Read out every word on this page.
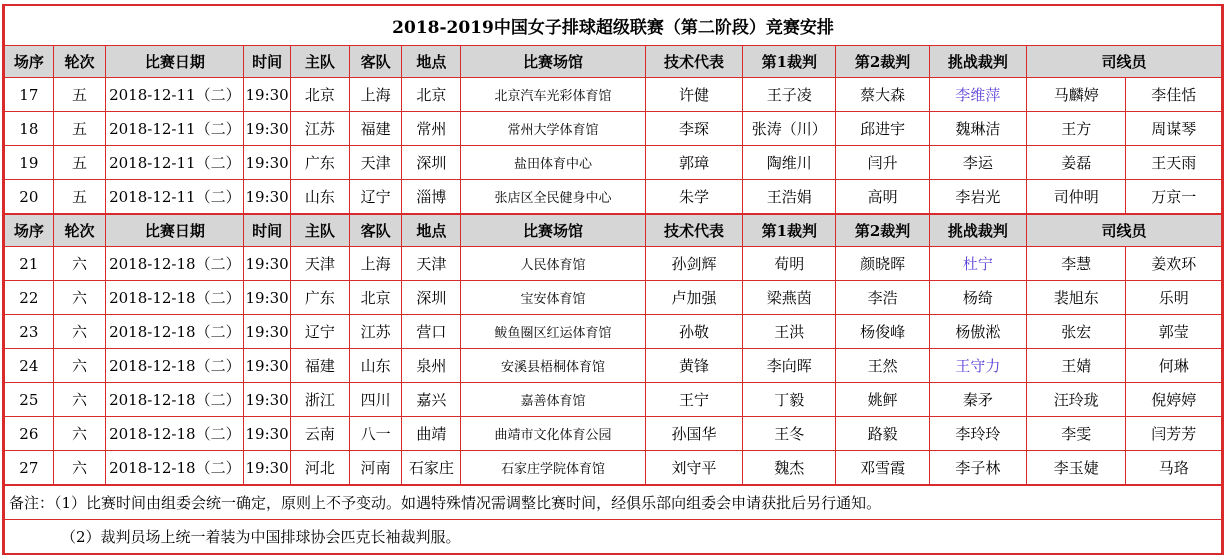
2018-2019中国女子排球超级联赛（第二阶段）竞赛安排													
场序	轮次	比赛日期	时间	主队	客队	地点	比赛场馆	技术代表	第1裁判	第2裁判	挑战裁判	司线员	
17	五	2018-12-11（二）	19:30	北京	上海	北京	北京汽车光彩体育馆	许健	王子凌	蔡大森	李维萍	马麟婷	李佳恬
18	五	2018-12-11（二）	19:30	江苏	福建	常州	常州大学体育馆	李琛	张涛（川）	邱进宇	魏琳洁	王方	周谋琴
19	五	2018-12-11（二）	19:30	广东	天津	深圳	盐田体育中心	郭璋	陶维川	闫升	李运	姜磊	王天雨
20	五	2018-12-11（二）	19:30	山东	辽宁	淄博	张店区全民健身中心	朱学	王浩娟	高明	李岩光	司仲明	万京一
场序	轮次	比赛日期	时间	主队	客队	地点	比赛场馆	技术代表	第1裁判	第2裁判	挑战裁判	司线员	
21	六	2018-12-18（二）	19:30	天津	上海	天津	人民体育馆	孙剑辉	荀明	颜晓晖	杜宁	李慧	姜欢环
22	六	2018-12-18（二）	19:30	广东	北京	深圳	宝安体育馆	卢加强	梁燕茵	李浩	杨绮	裴旭东	乐明
23	六	2018-12-18（二）	19:30	辽宁	江苏	营口	鲅鱼圈区红运体育馆	孙敬	王洪	杨俊峰	杨傲淞	张宏	郭莹
24	六	2018-12-18（二）	19:30	福建	山东	泉州	安溪县梧桐体育馆	黄锋	李向晖	王然	王守力	王婧	何琳
25	六	2018-12-18（二）	19:30	浙江	四川	嘉兴	嘉善体育馆	王宁	丁毅	姚鲆	秦矛	汪玲珑	倪婷婷
26	六	2018-12-18（二）	19:30	云南	八一	曲靖	曲靖市文化体育公园	孙国华	王冬	路毅	李玲玲	李雯	闫芳芳
27	六	2018-12-18（二）	19:30	河北	河南	石家庄	石家庄学院体育馆	刘守平	魏杰	邓雪霞	李子林	李玉婕	马珞
备注：（1）比赛时间由组委会统一确定，原则上不予变动。如遇特殊情况需调整比赛时间，经俱乐部向组委会申请获批后另行通知。													
（2）裁判员场上统一着装为中国排球协会匹克长袖裁判服。													
